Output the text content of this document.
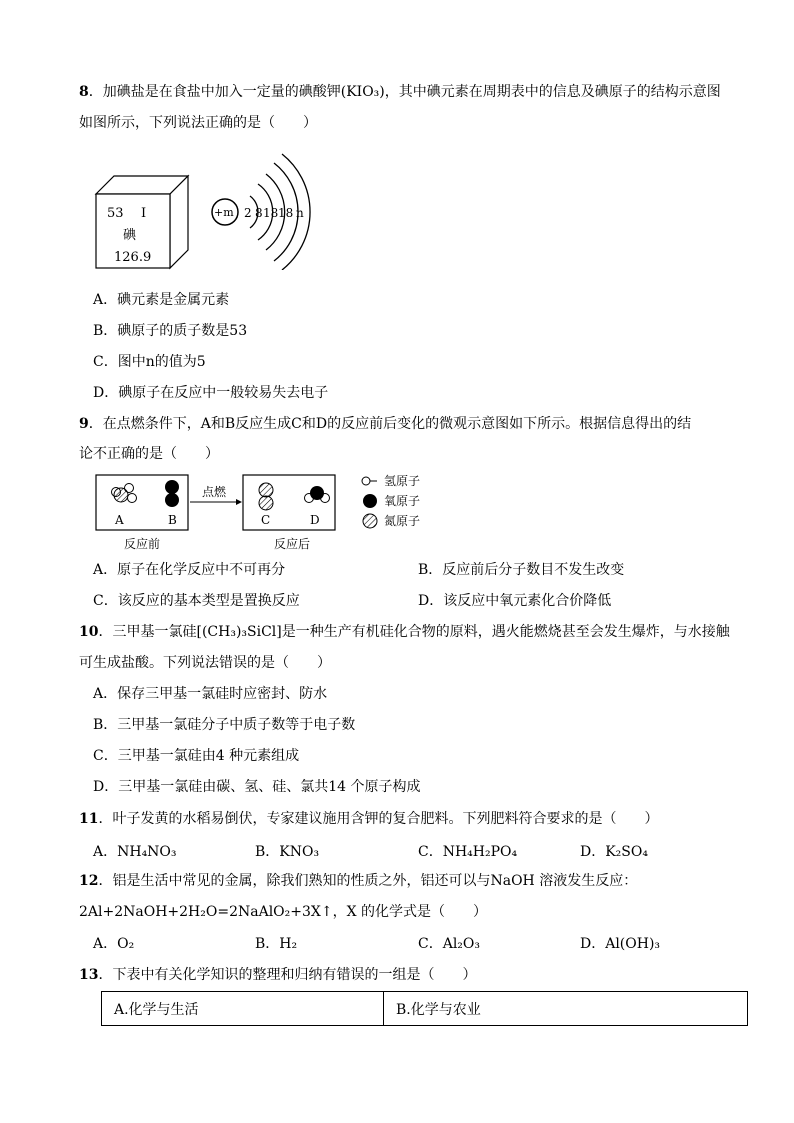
8．加碘盐是在食盐中加入一定量的碘酸钾(KIO₃)，其中碘元素在周期表中的信息及碘原子的结构示意图
如图所示，下列说法正确的是（　　）
53 I
碘
126.9
+m 2 8 18 18 n
A．碘元素是金属元素
B．碘原子的质子数是53
C．图中n的值为5
D．碘原子在反应中一般较易失去电子
9．在点燃条件下，A和B反应生成C和D的反应前后变化的微观示意图如下所示。根据信息得出的结
论不正确的是（　　）
A	B
点燃
C	D
反应前	反应后
氢原子
氧原子
氮原子
A．原子在化学反应中不可再分	B．反应前后分子数目不发生改变
C．该反应的基本类型是置换反应	D．该反应中氧元素化合价降低
10．三甲基一氯硅[(CH₃)₃SiCl]是一种生产有机硅化合物的原料，遇火能燃烧甚至会发生爆炸，与水接触
可生成盐酸。下列说法错误的是（　　）
A．保存三甲基一氯硅时应密封、防水
B．三甲基一氯硅分子中质子数等于电子数
C．三甲基一氯硅由4 种元素组成
D．三甲基一氯硅由碳、氢、硅、氯共14 个原子构成
11．叶子发黄的水稻易倒伏，专家建议施用含钾的复合肥料。下列肥料符合要求的是（　　）
A．NH₄NO₃	B．KNO₃	C．NH₄H₂PO₄	D．K₂SO₄
12．铝是生活中常见的金属，除我们熟知的性质之外，铝还可以与NaOH 溶液发生反应：
2Al+2NaOH+2H₂O=2NaAlO₂+3X↑，X 的化学式是（　　）
A．O₂	B．H₂	C．Al₂O₃	D．Al(OH)₃
13．下表中有关化学知识的整理和归纳有错误的一组是（　　）
A.化学与生活	B.化学与农业
